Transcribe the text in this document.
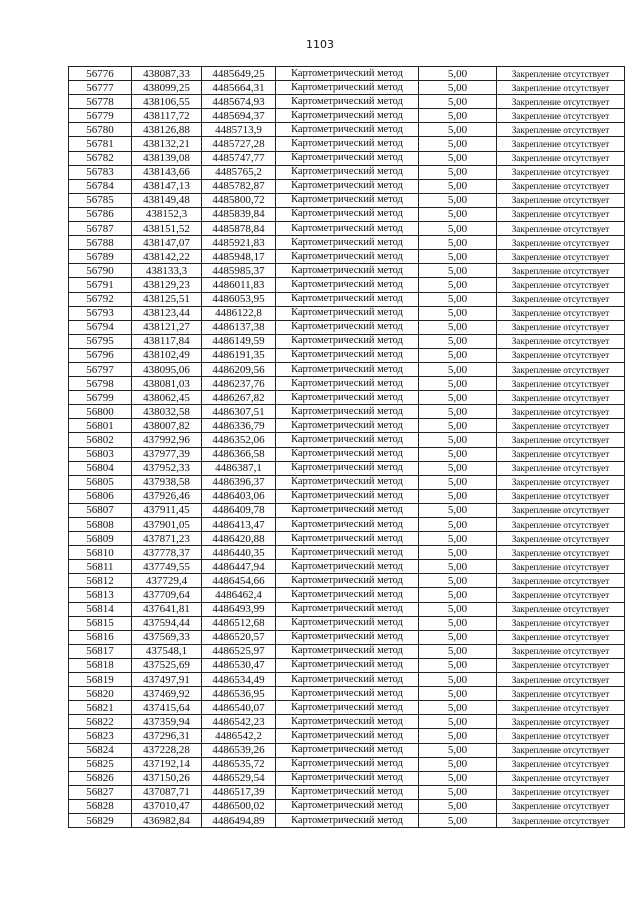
1103
56776	438087,33	4485649,25	Картометрический метод	5,00	Закрепление отсутствует
56777	438099,25	4485664,31	Картометрический метод	5,00	Закрепление отсутствует
56778	438106,55	4485674,93	Картометрический метод	5,00	Закрепление отсутствует
56779	438117,72	4485694,37	Картометрический метод	5,00	Закрепление отсутствует
56780	438126,88	4485713,9	Картометрический метод	5,00	Закрепление отсутствует
56781	438132,21	4485727,28	Картометрический метод	5,00	Закрепление отсутствует
56782	438139,08	4485747,77	Картометрический метод	5,00	Закрепление отсутствует
56783	438143,66	4485765,2	Картометрический метод	5,00	Закрепление отсутствует
56784	438147,13	4485782,87	Картометрический метод	5,00	Закрепление отсутствует
56785	438149,48	4485800,72	Картометрический метод	5,00	Закрепление отсутствует
56786	438152,3	4485839,84	Картометрический метод	5,00	Закрепление отсутствует
56787	438151,52	4485878,84	Картометрический метод	5,00	Закрепление отсутствует
56788	438147,07	4485921,83	Картометрический метод	5,00	Закрепление отсутствует
56789	438142,22	4485948,17	Картометрический метод	5,00	Закрепление отсутствует
56790	438133,3	4485985,37	Картометрический метод	5,00	Закрепление отсутствует
56791	438129,23	4486011,83	Картометрический метод	5,00	Закрепление отсутствует
56792	438125,51	4486053,95	Картометрический метод	5,00	Закрепление отсутствует
56793	438123,44	4486122,8	Картометрический метод	5,00	Закрепление отсутствует
56794	438121,27	4486137,38	Картометрический метод	5,00	Закрепление отсутствует
56795	438117,84	4486149,59	Картометрический метод	5,00	Закрепление отсутствует
56796	438102,49	4486191,35	Картометрический метод	5,00	Закрепление отсутствует
56797	438095,06	4486209,56	Картометрический метод	5,00	Закрепление отсутствует
56798	438081,03	4486237,76	Картометрический метод	5,00	Закрепление отсутствует
56799	438062,45	4486267,82	Картометрический метод	5,00	Закрепление отсутствует
56800	438032,58	4486307,51	Картометрический метод	5,00	Закрепление отсутствует
56801	438007,82	4486336,79	Картометрический метод	5,00	Закрепление отсутствует
56802	437992,96	4486352,06	Картометрический метод	5,00	Закрепление отсутствует
56803	437977,39	4486366,58	Картометрический метод	5,00	Закрепление отсутствует
56804	437952,33	4486387,1	Картометрический метод	5,00	Закрепление отсутствует
56805	437938,58	4486396,37	Картометрический метод	5,00	Закрепление отсутствует
56806	437926,46	4486403,06	Картометрический метод	5,00	Закрепление отсутствует
56807	437911,45	4486409,78	Картометрический метод	5,00	Закрепление отсутствует
56808	437901,05	4486413,47	Картометрический метод	5,00	Закрепление отсутствует
56809	437871,23	4486420,88	Картометрический метод	5,00	Закрепление отсутствует
56810	437778,37	4486440,35	Картометрический метод	5,00	Закрепление отсутствует
56811	437749,55	4486447,94	Картометрический метод	5,00	Закрепление отсутствует
56812	437729,4	4486454,66	Картометрический метод	5,00	Закрепление отсутствует
56813	437709,64	4486462,4	Картометрический метод	5,00	Закрепление отсутствует
56814	437641,81	4486493,99	Картометрический метод	5,00	Закрепление отсутствует
56815	437594,44	4486512,68	Картометрический метод	5,00	Закрепление отсутствует
56816	437569,33	4486520,57	Картометрический метод	5,00	Закрепление отсутствует
56817	437548,1	4486525,97	Картометрический метод	5,00	Закрепление отсутствует
56818	437525,69	4486530,47	Картометрический метод	5,00	Закрепление отсутствует
56819	437497,91	4486534,49	Картометрический метод	5,00	Закрепление отсутствует
56820	437469,92	4486536,95	Картометрический метод	5,00	Закрепление отсутствует
56821	437415,64	4486540,07	Картометрический метод	5,00	Закрепление отсутствует
56822	437359,94	4486542,23	Картометрический метод	5,00	Закрепление отсутствует
56823	437296,31	4486542,2	Картометрический метод	5,00	Закрепление отсутствует
56824	437228,28	4486539,26	Картометрический метод	5,00	Закрепление отсутствует
56825	437192,14	4486535,72	Картометрический метод	5,00	Закрепление отсутствует
56826	437150,26	4486529,54	Картометрический метод	5,00	Закрепление отсутствует
56827	437087,71	4486517,39	Картометрический метод	5,00	Закрепление отсутствует
56828	437010,47	4486500,02	Картометрический метод	5,00	Закрепление отсутствует
56829	436982,84	4486494,89	Картометрический метод	5,00	Закрепление отсутствует
